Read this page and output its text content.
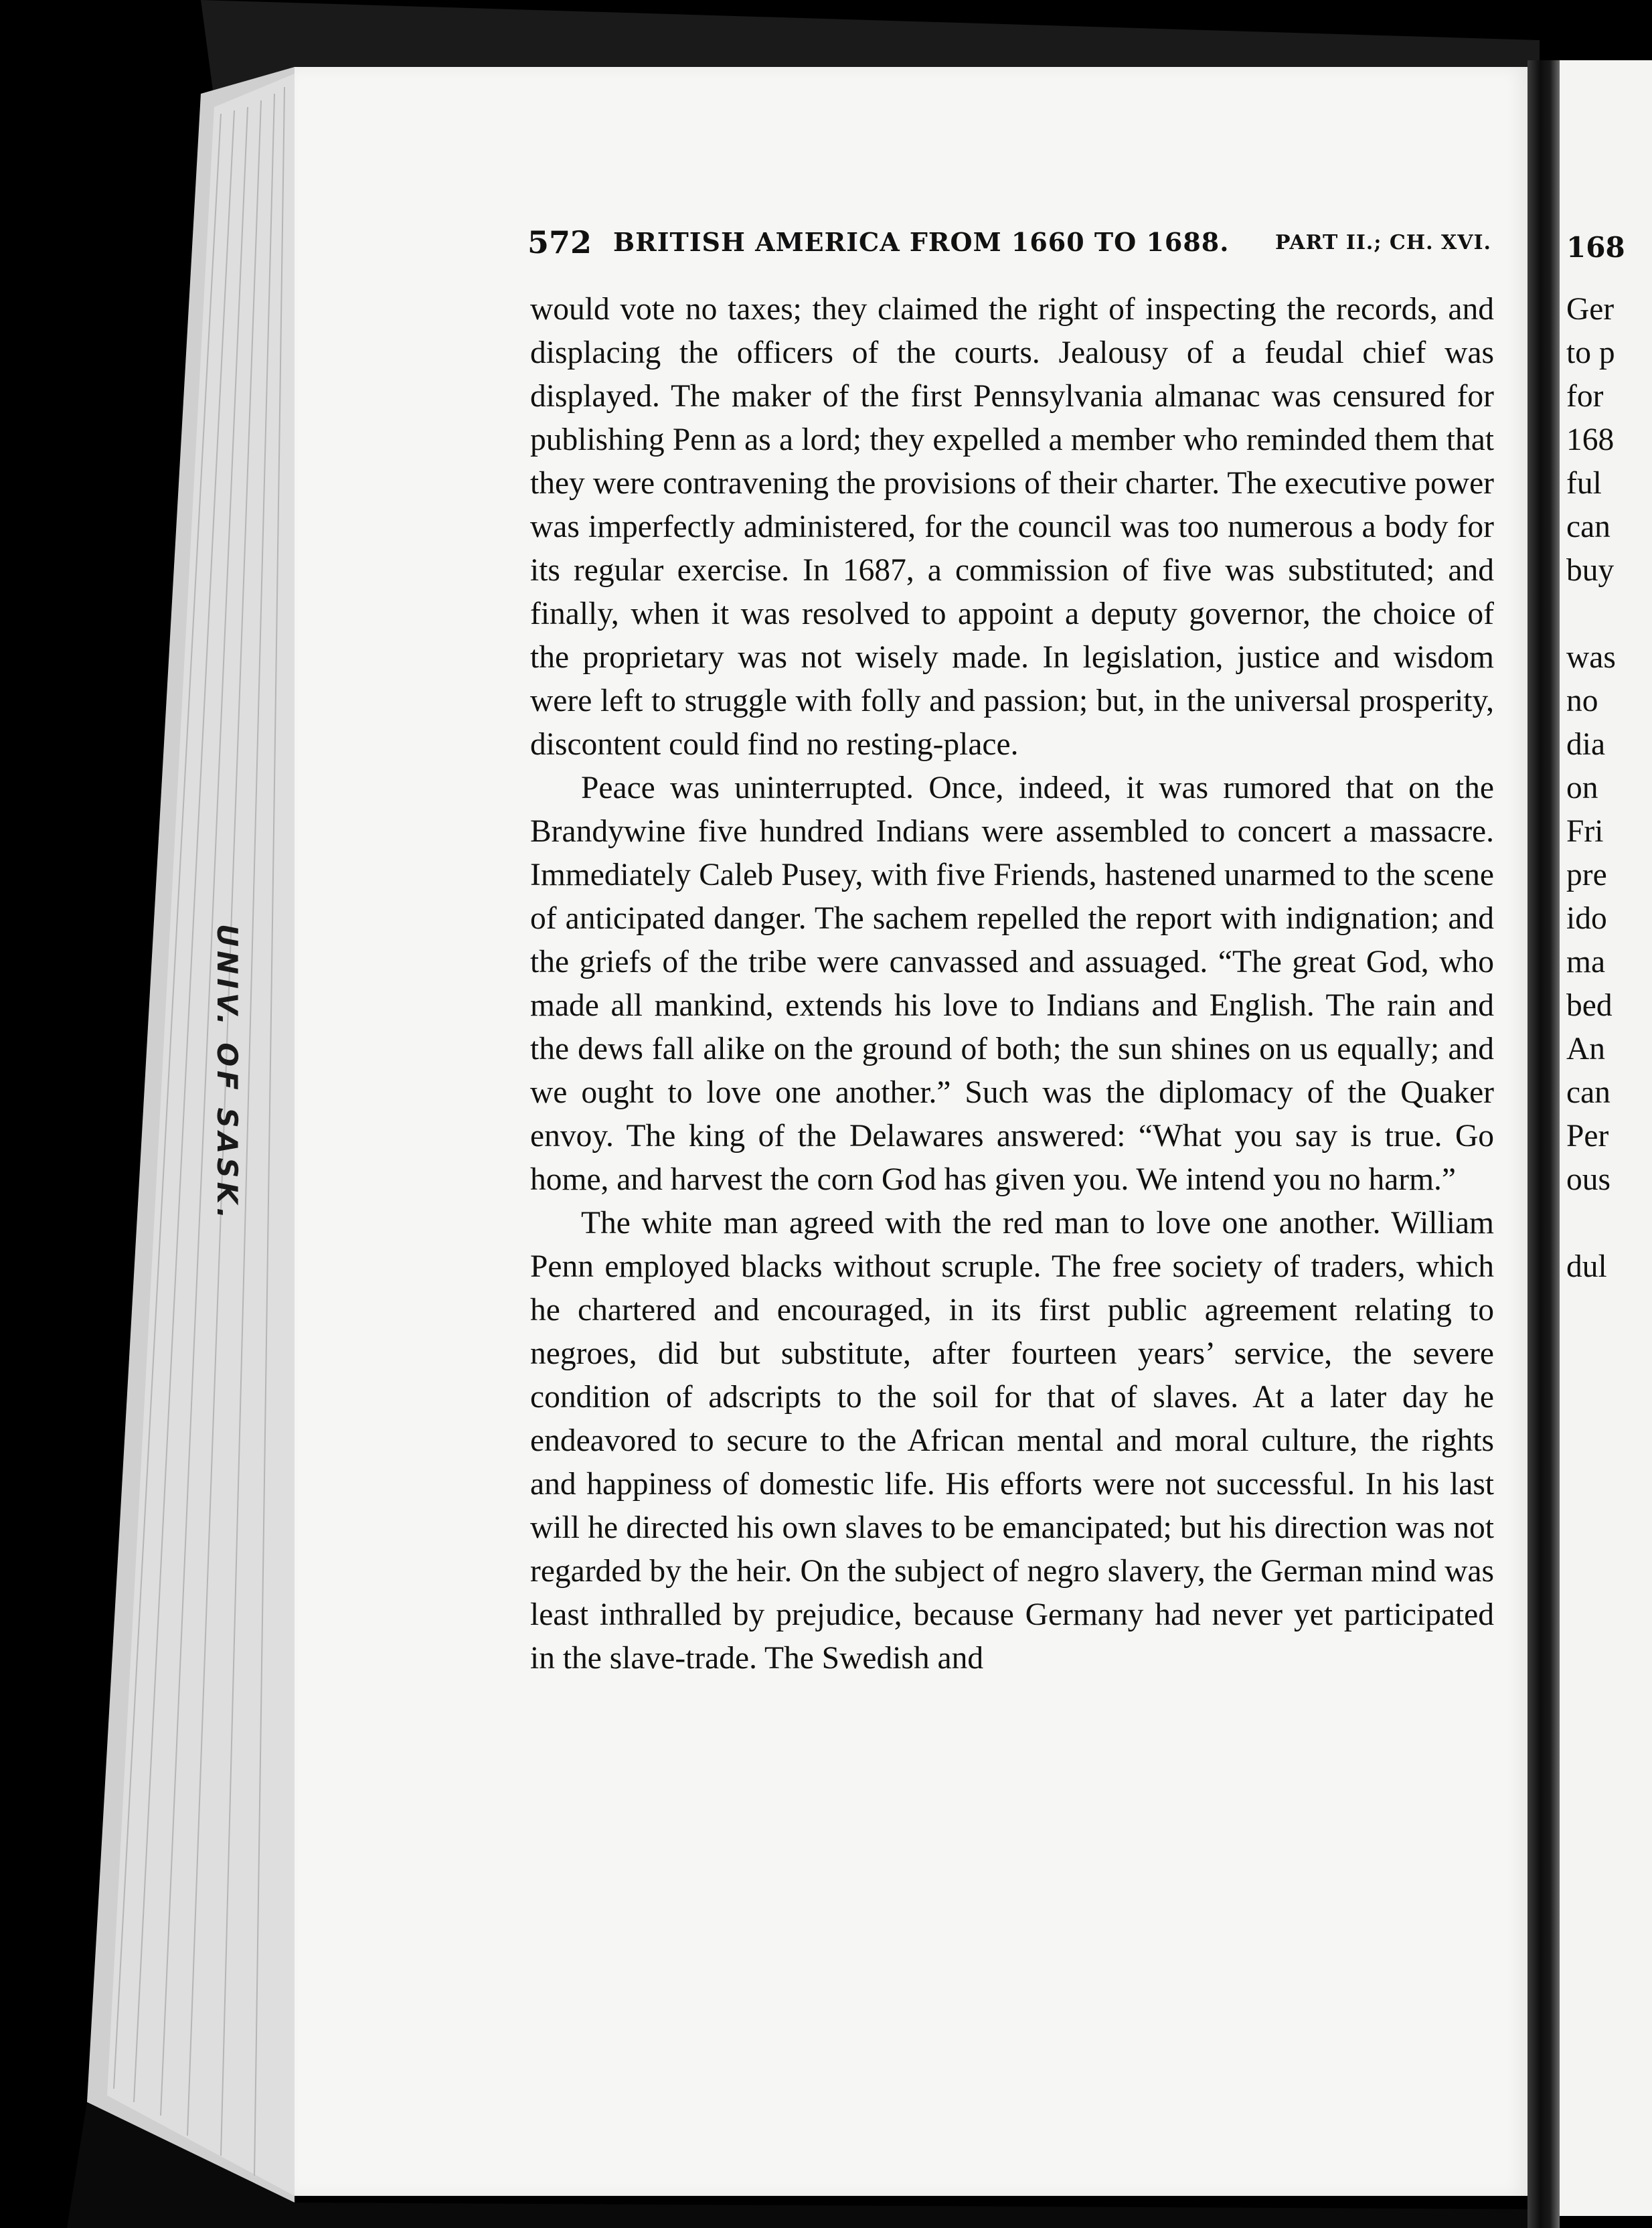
UNIV. OF SASK.
572 BRITISH AMERICA FROM 1660 TO 1688. PART II.; CH. XVI.

would vote no taxes; they claimed the right of inspecting the records, and displacing the officers of the courts. Jealousy of a feudal chief was displayed. The maker of the first Pennsylvania almanac was censured for publishing Penn as a lord; they expelled a member who reminded them that they were contravening the provisions of their charter. The executive power was imperfectly administered, for the council was too numerous a body for its regular exercise. In 1687, a commission of five was substituted; and finally, when it was resolved to appoint a deputy governor, the choice of the proprietary was not wisely made. In legislation, justice and wisdom were left to struggle with folly and passion; but, in the universal prosperity, discontent could find no resting-place.

Peace was uninterrupted. Once, indeed, it was rumored that on the Brandywine five hundred Indians were assembled to concert a massacre. Immediately Caleb Pusey, with five Friends, hastened unarmed to the scene of anticipated danger. The sachem repelled the report with indignation; and the griefs of the tribe were canvassed and assuaged. “The great God, who made all mankind, extends his love to Indians and English. The rain and the dews fall alike on the ground of both; the sun shines on us equally; and we ought to love one another.” Such was the diplomacy of the Quaker envoy. The king of the Delawares answered: “What you say is true. Go home, and harvest the corn God has given you. We intend you no harm.”

The white man agreed with the red man to love one another. William Penn employed blacks without scruple. The free society of traders, which he chartered and encouraged, in its first public agreement relating to negroes, did but substitute, after fourteen years’ service, the severe condition of adscripts to the soil for that of slaves. At a later day he endeavored to secure to the African mental and moral culture, the rights and happiness of domestic life. His efforts were not successful. In his last will he directed his own slaves to be emancipated; but his direction was not regarded by the heir. On the subject of negro slavery, the German mind was least inthralled by prejudice, because Germany had never yet participated in the slave-trade. The Swedish and

168
Ger
to p
for
168
ful
can
buy
was
no
dia
on
Fri
pre
ido
ma
bed
An
can
Per
ous
dul
